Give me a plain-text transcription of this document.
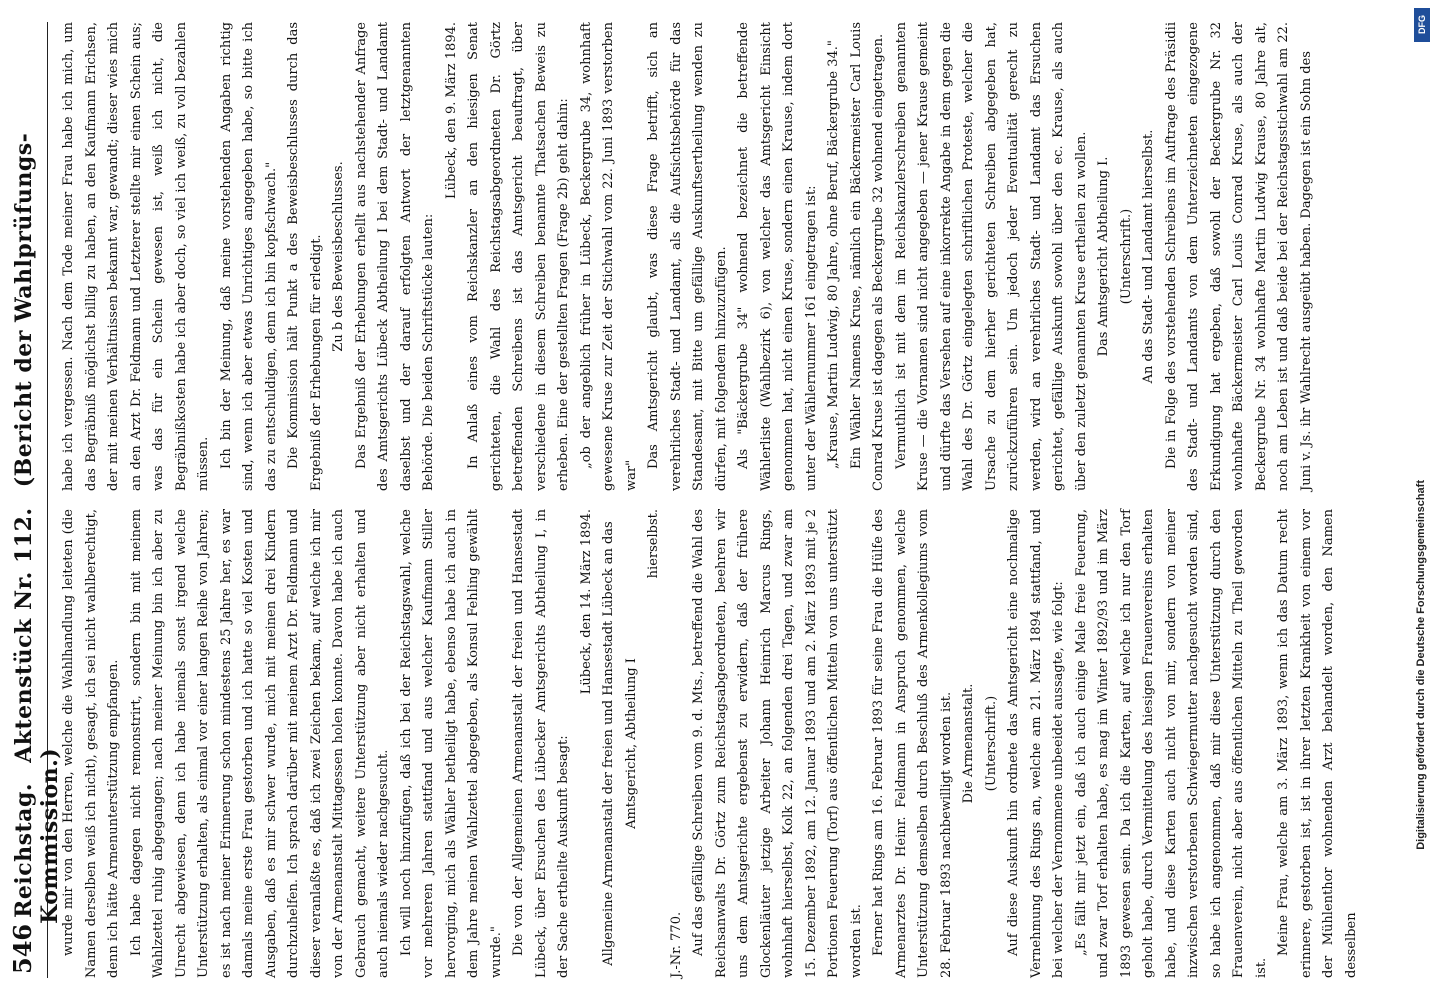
546
Reichstag. Aktenstück Nr. 112. (Bericht der Wahlprüfungs-Kommission.)

wurde mir von den Herren, welche die Wahlhandlung leiteten (die Namen derselben weiß ich nicht), gesagt, ich sei nicht wahlberechtigt, denn ich hätte Armenunterstützung empfangen. Ich habe dagegen nicht remonstrirt, sondern bin mit meinem Wahlzettel ruhig abgegangen; nach meiner Meinung bin ich aber zu Unrecht abgewiesen, denn ich habe niemals sonst irgend welche Unterstützung erhalten, als einmal vor einer langen Reihe von Jahren; es ist nach meiner Erinnerung schon mindestens 25 Jahre her, es war damals meine erste Frau gestorben und ich hatte so viel Kosten und Ausgaben, daß es mir schwer wurde, mich mit meinen drei Kindern durchzuhelfen. Ich sprach darüber mit meinem Arzt Dr. Feldmann und dieser veranlaßte es, daß ich zwei Zeichen bekam, auf welche ich mir von der Armenanstalt Mittagessen holen konnte. Davon habe ich auch Gebrauch gemacht, weitere Unterstützung aber nicht erhalten und auch niemals wieder nachgesucht. Ich will noch hinzufügen, daß ich bei der Reichstagswahl, welche vor mehreren Jahren stattfand und aus welcher Kaufmann Stiller hervorging, mich als Wähler betheiligt habe, ebenso habe ich auch in dem Jahre meinen Wahlzettel abgegeben, als Konsul Fehling gewählt wurde." Die von der Allgemeinen Armenanstalt der freien und Hansestadt Lübeck, über Ersuchen des Lübecker Amtsgerichts Abtheilung I, in der Sache ertheilte Auskunft besagt:

Lübeck, den 14. März 1894. Allgemeine Armenanstalt der freien und Hansestadt Lübeck an das Amtsgericht, Abtheilung I

hierselbst.

J.-Nr. 770. Auf das gefällige Schreiben vom 9. d. Mts., betreffend die Wahl des Reichsanwalts Dr. Görtz zum Reichstagsabgeordneten, beehren wir uns dem Amtsgerichte ergebenst zu erwidern, daß der frühere Glockenläuter jetzige Arbeiter Johann Heinrich Marcus Rings, wohnhaft hierselbst, Kolk 22, an folgenden drei Tagen, und zwar am 15. Dezember 1892, am 12. Januar 1893 und am 2. März 1893 mit je 2 Portionen Feuerung (Torf) aus öffentlichen Mitteln von uns unterstützt worden ist. Ferner hat Rings am 16. Februar 1893 für seine Frau die Hülfe des Armenarztes Dr. Heinr. Feldmann in Anspruch genommen, welche Unterstützung demselben durch Beschluß des Armenkollegiums vom 28. Februar 1893 nachbewilligt worden ist. Die Armenanstalt. (Unterschrift.) Auf diese Auskunft hin ordnete das Amtsgericht eine nochmalige Vernehmung des Rings an, welche am 21. März 1894 stattfand, und bei welcher der Vernommene unbeeidet aussagte, wie folgt: „Es fällt mir jetzt ein, daß ich auch einige Male freie Feuerung, und zwar Torf erhalten habe, es mag im Winter 1892/93 und im März 1893 gewesen sein. Da ich die Karten, auf welche ich nur den Torf geholt habe, durch Vermittelung des hiesigen Frauenvereins erhalten habe, und diese Karten auch nicht von mir, sondern von meiner inzwischen verstorbenen Schwiegermutter nachgesucht worden sind, so habe ich angenommen, daß mir diese Unterstützung durch den Frauenverein, nicht aber aus öffentlichen Mitteln zu Theil geworden ist.

Meine Frau, welche am 3. März 1893, wenn ich das Datum recht erinnere, gestorben ist, ist in ihrer letzten Krankheit von einem vor der Mühlenthor wohnenden Arzt behandelt worden, den Namen desselben

habe ich vergessen. Nach dem Tode meiner Frau habe ich mich, um das Begräbniß möglichst billig zu haben, an den Kaufmann Erichsen, der mit meinen Verhältnissen bekannt war, gewandt; dieser wies mich an den Arzt Dr. Feldmann und Letzterer stellte mir einen Schein aus; was das für ein Schein gewesen ist, weiß ich nicht, die Begräbnißkosten habe ich aber doch, so viel ich weiß, zu voll bezahlen müssen. Ich bin der Meinung, daß meine vorstehenden Angaben richtig sind, wenn ich aber etwas Unrichtiges angegeben habe, so bitte ich das zu entschuldigen, denn ich bin kopfschwach." Die Kommission hält Punkt a des Beweisbeschlusses durch das Ergebniß der Erhebungen für erledigt. Zu b des Beweisbeschlusses. Das Ergebniß der Erhebungen erhellt aus nachstehender Anfrage des Amtsgerichts Lübeck Abtheilung I bei dem Stadt- und Landamt daselbst und der darauf erfolgten Antwort der letztgenannten Behörde. Die beiden Schriftstücke lauten:

Lübeck, den 9. März 1894. In Anlaß eines vom Reichskanzler an den hiesigen Senat gerichteten, die Wahl des Reichstagsabgeordneten Dr. Görtz betreffenden Schreibens ist das Amtsgericht beauftragt, über verschiedene in diesem Schreiben benannte Thatsachen Beweis zu erheben. Eine der gestellten Fragen (Frage 2b) geht dahin: „ob der angeblich früher in Lübeck, Beckergrube 34, wohnhaft gewesene Kruse zur Zeit der Stichwahl vom 22. Juni 1893 verstorben war"

Das Amtsgericht glaubt, was diese Frage betrifft, sich an verehrliches Stadt- und Landamt, als die Aufsichtsbehörde für das Standesamt, mit Bitte um gefällige Auskunftsertheilung wenden zu dürfen, mit folgendem hinzuzufügen. Als "Bäckergrube 34" wohnend bezeichnet die betreffende Wählerliste (Wahlbezirk 6), von welcher das Amtsgericht Einsicht genommen hat, nicht einen Kruse, sondern einen Krause, indem dort unter der Wählernummer 161 eingetragen ist: „Krause, Martin Ludwig, 80 Jahre, ohne Beruf, Bäckergrube 34." Ein Wähler Namens Kruse, nämlich ein Bäckermeister Carl Louis Conrad Kruse ist dagegen als Beckergrube 32 wohnend eingetragen. Vermuthlich ist mit dem im Reichskanzlerschreiben genannten Kruse — die Vornamen sind nicht angegeben — jener Krause gemeint und dürfte das Versehen auf eine inkorrekte Angabe in dem gegen die Wahl des Dr. Görtz eingelegten schriftlichen Proteste, welcher die Ursache zu dem hierher gerichteten Schreiben abgegeben hat, zurückzuführen sein. Um jedoch jeder Eventualität gerecht zu werden, wird an verehrliches Stadt- und Landamt das Ersuchen gerichtet, gefällige Auskunft sowohl über den ec. Krause, als auch über den zuletzt genannten Kruse ertheilen zu wollen. Das Amtsgericht Abtheilung I. (Unterschrift.) An das Stadt- und Landamt hierselbst. Die in Folge des vorstehenden Schreibens im Auftrage des Präsidii des Stadt- und Landamts von dem Unterzeichneten eingezogene Erkundigung hat ergeben, daß sowohl der Beckergrube Nr. 32 wohnhafte Bäckermeister Carl Louis Conrad Kruse, als auch der Beckergrube Nr. 34 wohnhafte Martin Ludwig Krause, 80 Jahre alt, noch am Leben ist und daß beide bei der Reichstagsstichwahl am 22. Juni v. Js. ihr Wahlrecht ausgeübt haben. Dagegen ist ein Sohn des

DFG
Digitalisierung gefördert durch die Deutsche Forschungsgemeinschaft
